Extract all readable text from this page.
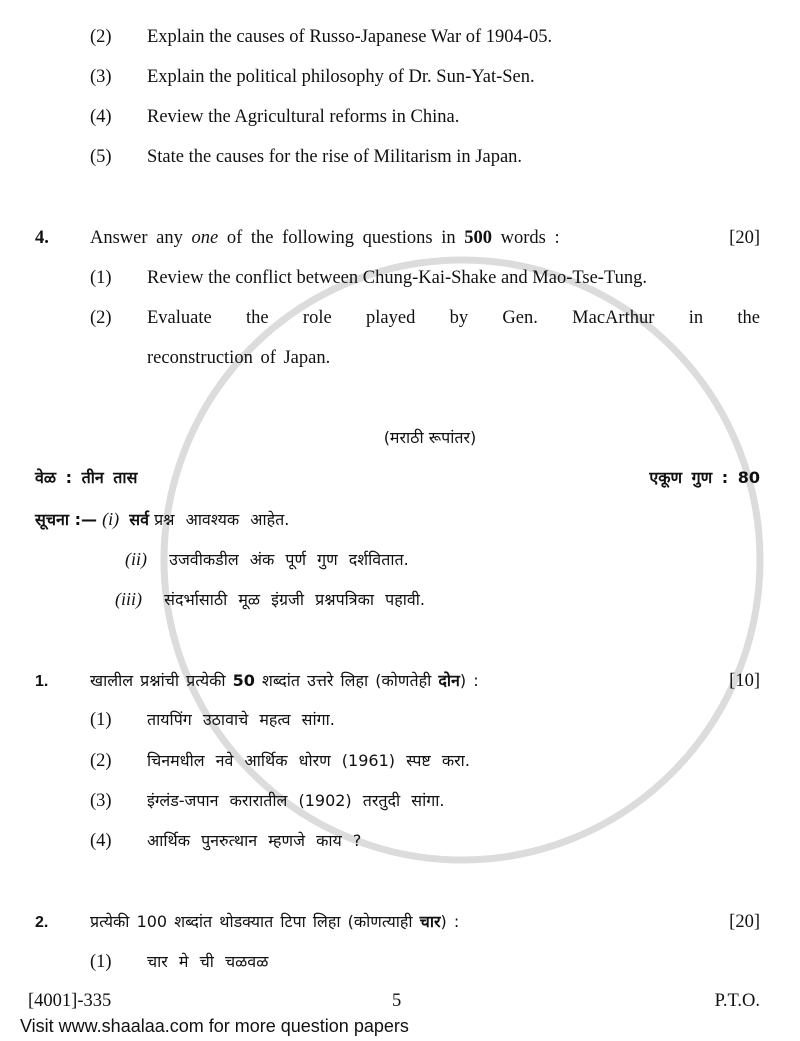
(2) Explain the causes of Russo-Japanese War of 1904-05.
(3) Explain the political philosophy of Dr. Sun-Yat-Sen.
(4) Review the Agricultural reforms in China.
(5) State the causes for the rise of Militarism in Japan.
4. Answer any one of the following questions in 500 words :	[20]
(1) Review the conflict between Chung-Kai-Shake and Mao-Tse-Tung.
(2) Evaluate the role played by Gen. MacArthur in the
reconstruction of Japan.
(मराठी रूपांतर)
वेळ : तीन तास	एकूण गुण : 80
सूचना :— (i) सर्व प्रश्न आवश्यक आहेत.
(ii) उजवीकडील अंक पूर्ण गुण दर्शवितात.
(iii) संदर्भासाठी मूळ इंग्रजी प्रश्नपत्रिका पहावी.
1.	खालील प्रश्नांची प्रत्येकी 50 शब्दांत उत्तरे लिहा (कोणतेही दोन) :	[10]
(1) तायपिंग उठावाचे महत्व सांगा.
(2) चिनमधील नवे आर्थिक धोरण (1961) स्पष्ट करा.
(3) इंग्लंड-जपान करारातील (1902) तरतुदी सांगा.
(4) आर्थिक पुनरुत्थान म्हणजे काय ?
2.	प्रत्येकी 100 शब्दांत थोडक्यात टिपा लिहा (कोणत्याही चार) :	[20]
(1) चार मे ची चळवळ
[4001]-335	5	P.T.O.
Visit www.shaalaa.com for more question papers
